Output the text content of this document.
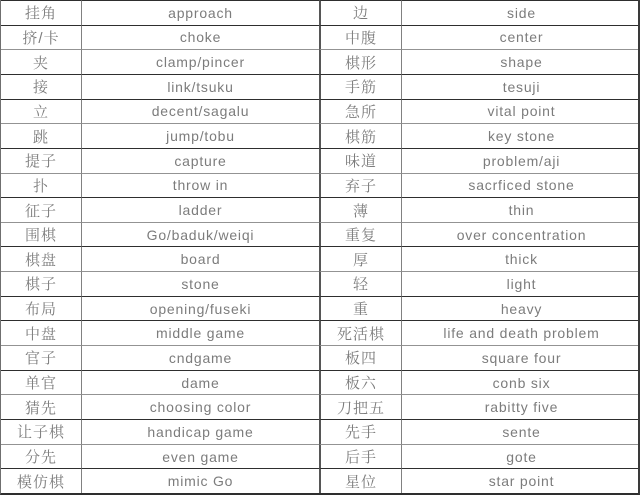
挂角	approach	边	side
挤/卡	choke	中腹	center
夹	clamp/pincer	棋形	shape
接	link/tsuku	手筋	tesuji
立	decent/sagalu	急所	vital point
跳	jump/tobu	棋筋	key stone
提子	capture	味道	problem/aji
扑	throw in	弃子	sacrficed stone
征子	ladder	薄	thin
围棋	Go/baduk/weiqi	重复	over concentration
棋盘	board	厚	thick
棋子	stone	轻	light
布局	opening/fuseki	重	heavy
中盘	middle game	死活棋	life and death problem
官子	cndgame	板四	square four
单官	dame	板六	conb six
猜先	choosing color	刀把五	rabitty five
让子棋	handicap game	先手	sente
分先	even game	后手	gote
模仿棋	mimic Go	星位	star point
